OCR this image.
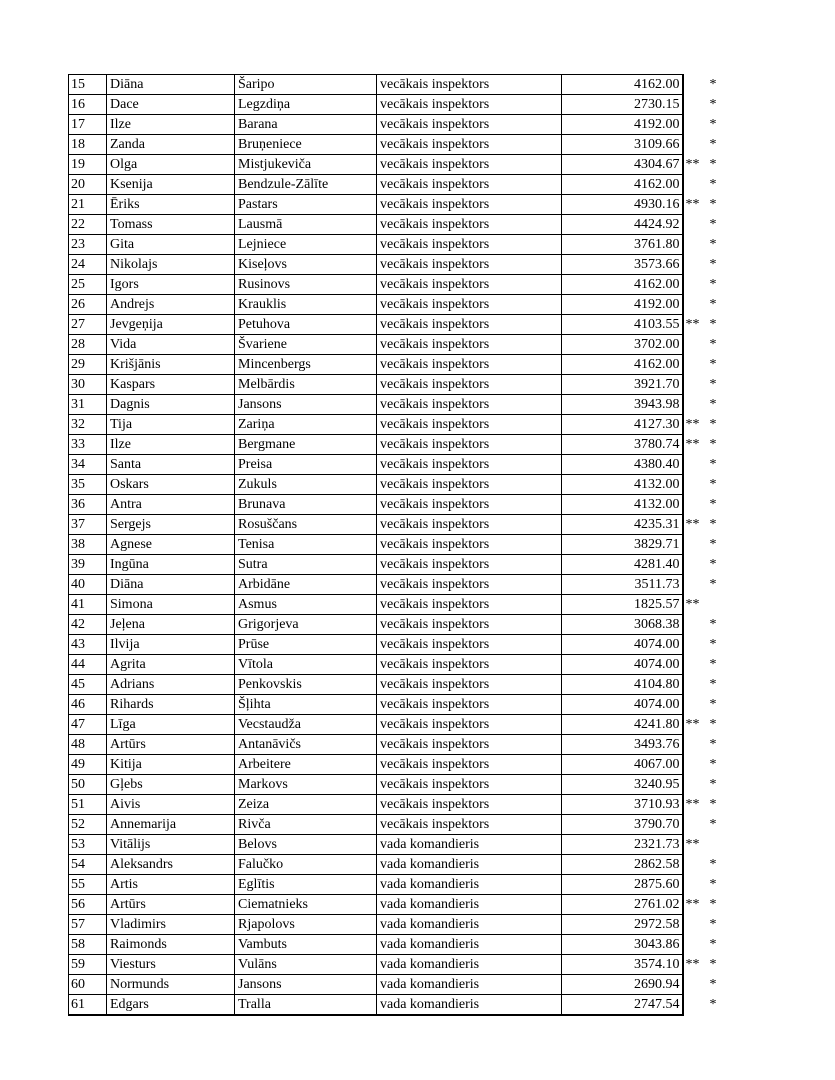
15	Diāna	Šaripo	vecākais inspektors	4162.00		*
16	Dace	Legzdiņa	vecākais inspektors	2730.15		*
17	Ilze	Barana	vecākais inspektors	4192.00		*
18	Zanda	Bruņeniece	vecākais inspektors	3109.66		*
19	Olga	Mistjukeviča	vecākais inspektors	4304.67	**	*
20	Ksenija	Bendzule-Zālīte	vecākais inspektors	4162.00		*
21	Ēriks	Pastars	vecākais inspektors	4930.16	**	*
22	Tomass	Lausmā	vecākais inspektors	4424.92		*
23	Gita	Lejniece	vecākais inspektors	3761.80		*
24	Nikolajs	Kiseļovs	vecākais inspektors	3573.66		*
25	Igors	Rusinovs	vecākais inspektors	4162.00		*
26	Andrejs	Krauklis	vecākais inspektors	4192.00		*
27	Jevgeņija	Petuhova	vecākais inspektors	4103.55	**	*
28	Vida	Švariene	vecākais inspektors	3702.00		*
29	Krišjānis	Mincenbergs	vecākais inspektors	4162.00		*
30	Kaspars	Melbārdis	vecākais inspektors	3921.70		*
31	Dagnis	Jansons	vecākais inspektors	3943.98		*
32	Tija	Zariņa	vecākais inspektors	4127.30	**	*
33	Ilze	Bergmane	vecākais inspektors	3780.74	**	*
34	Santa	Preisa	vecākais inspektors	4380.40		*
35	Oskars	Zukuls	vecākais inspektors	4132.00		*
36	Antra	Brunava	vecākais inspektors	4132.00		*
37	Sergejs	Rosuščans	vecākais inspektors	4235.31	**	*
38	Agnese	Tenisa	vecākais inspektors	3829.71		*
39	Ingūna	Sutra	vecākais inspektors	4281.40		*
40	Diāna	Arbidāne	vecākais inspektors	3511.73		*
41	Simona	Asmus	vecākais inspektors	1825.57	**	
42	Jeļena	Grigorjeva	vecākais inspektors	3068.38		*
43	Ilvija	Prūse	vecākais inspektors	4074.00		*
44	Agrita	Vītola	vecākais inspektors	4074.00		*
45	Adrians	Penkovskis	vecākais inspektors	4104.80		*
46	Rihards	Šļihta	vecākais inspektors	4074.00		*
47	Līga	Vecstaudža	vecākais inspektors	4241.80	**	*
48	Artūrs	Antanāvičs	vecākais inspektors	3493.76		*
49	Kitija	Arbeitere	vecākais inspektors	4067.00		*
50	Gļebs	Markovs	vecākais inspektors	3240.95		*
51	Aivis	Zeiza	vecākais inspektors	3710.93	**	*
52	Annemarija	Rivča	vecākais inspektors	3790.70		*
53	Vitālijs	Belovs	vada komandieris	2321.73	**	
54	Aleksandrs	Falučko	vada komandieris	2862.58		*
55	Artis	Eglītis	vada komandieris	2875.60		*
56	Artūrs	Ciematnieks	vada komandieris	2761.02	**	*
57	Vladimirs	Rjapolovs	vada komandieris	2972.58		*
58	Raimonds	Vambuts	vada komandieris	3043.86		*
59	Viesturs	Vulāns	vada komandieris	3574.10	**	*
60	Normunds	Jansons	vada komandieris	2690.94		*
61	Edgars	Tralla	vada komandieris	2747.54		*
